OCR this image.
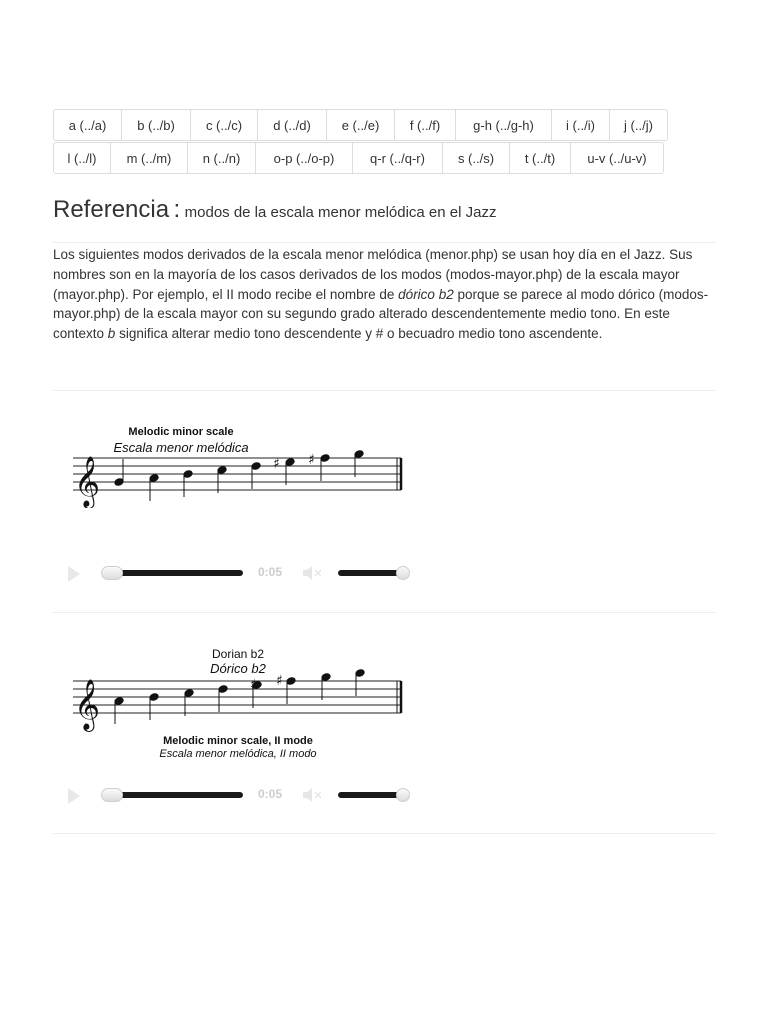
a (../a)	b (../b)	c (../c)	d (../d)	e (../e)	f (../f)	g-h (../g-h)	i (../i)	j (../j)
l (../l)	m (../m)	n (../n)	o-p (../o-p)	q-r (../q-r)	s (../s)	t (../t)	u-v (../u-v)
Referencia : modos de la escala menor melódica en el Jazz

Los siguientes modos derivados de la escala menor melódica (menor.php) se usan hoy día en el Jazz. Sus nombres son en la mayoría de los casos derivados de los modos (modos-mayor.php) de la escala mayor (mayor.php). Por ejemplo, el II modo recibe el nombre de dórico b2 porque se parece al modo dórico (modos-mayor.php) de la escala mayor con su segundo grado alterado descendentemente medio tono. En este contexto b significa alterar medio tono descendente y # o becuadro medio tono ascendente.

Melodic minor scale
Escala menor melódica
𝄞	♯ ♯
0:05
Dorian b2
Dórico b2
𝄞	♯ ♯
Melodic minor scale, II mode
Escala menor melódica, II modo
0:05
